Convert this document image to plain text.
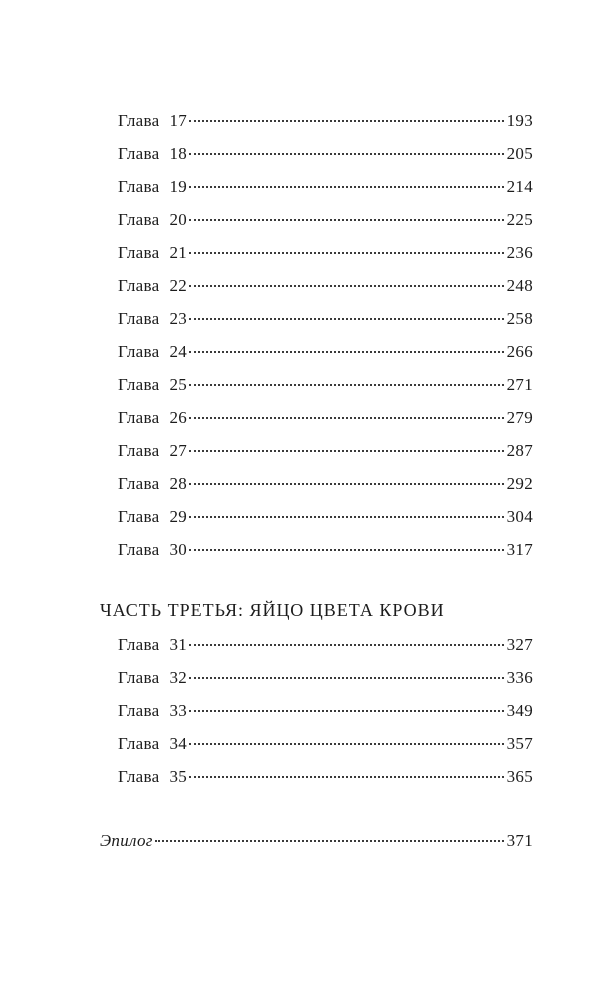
Глава 17	193
Глава 18	205
Глава 19	214
Глава 20	225
Глава 21	236
Глава 22	248
Глава 23	258
Глава 24	266
Глава 25	271
Глава 26	279
Глава 27	287
Глава 28	292
Глава 29	304
Глава 30	317
ЧАСТЬ ТРЕТЬЯ: ЯЙЦО ЦВЕТА КРОВИ
Глава 31	327
Глава 32	336
Глава 33	349
Глава 34	357
Глава 35	365
Эпилог	371
